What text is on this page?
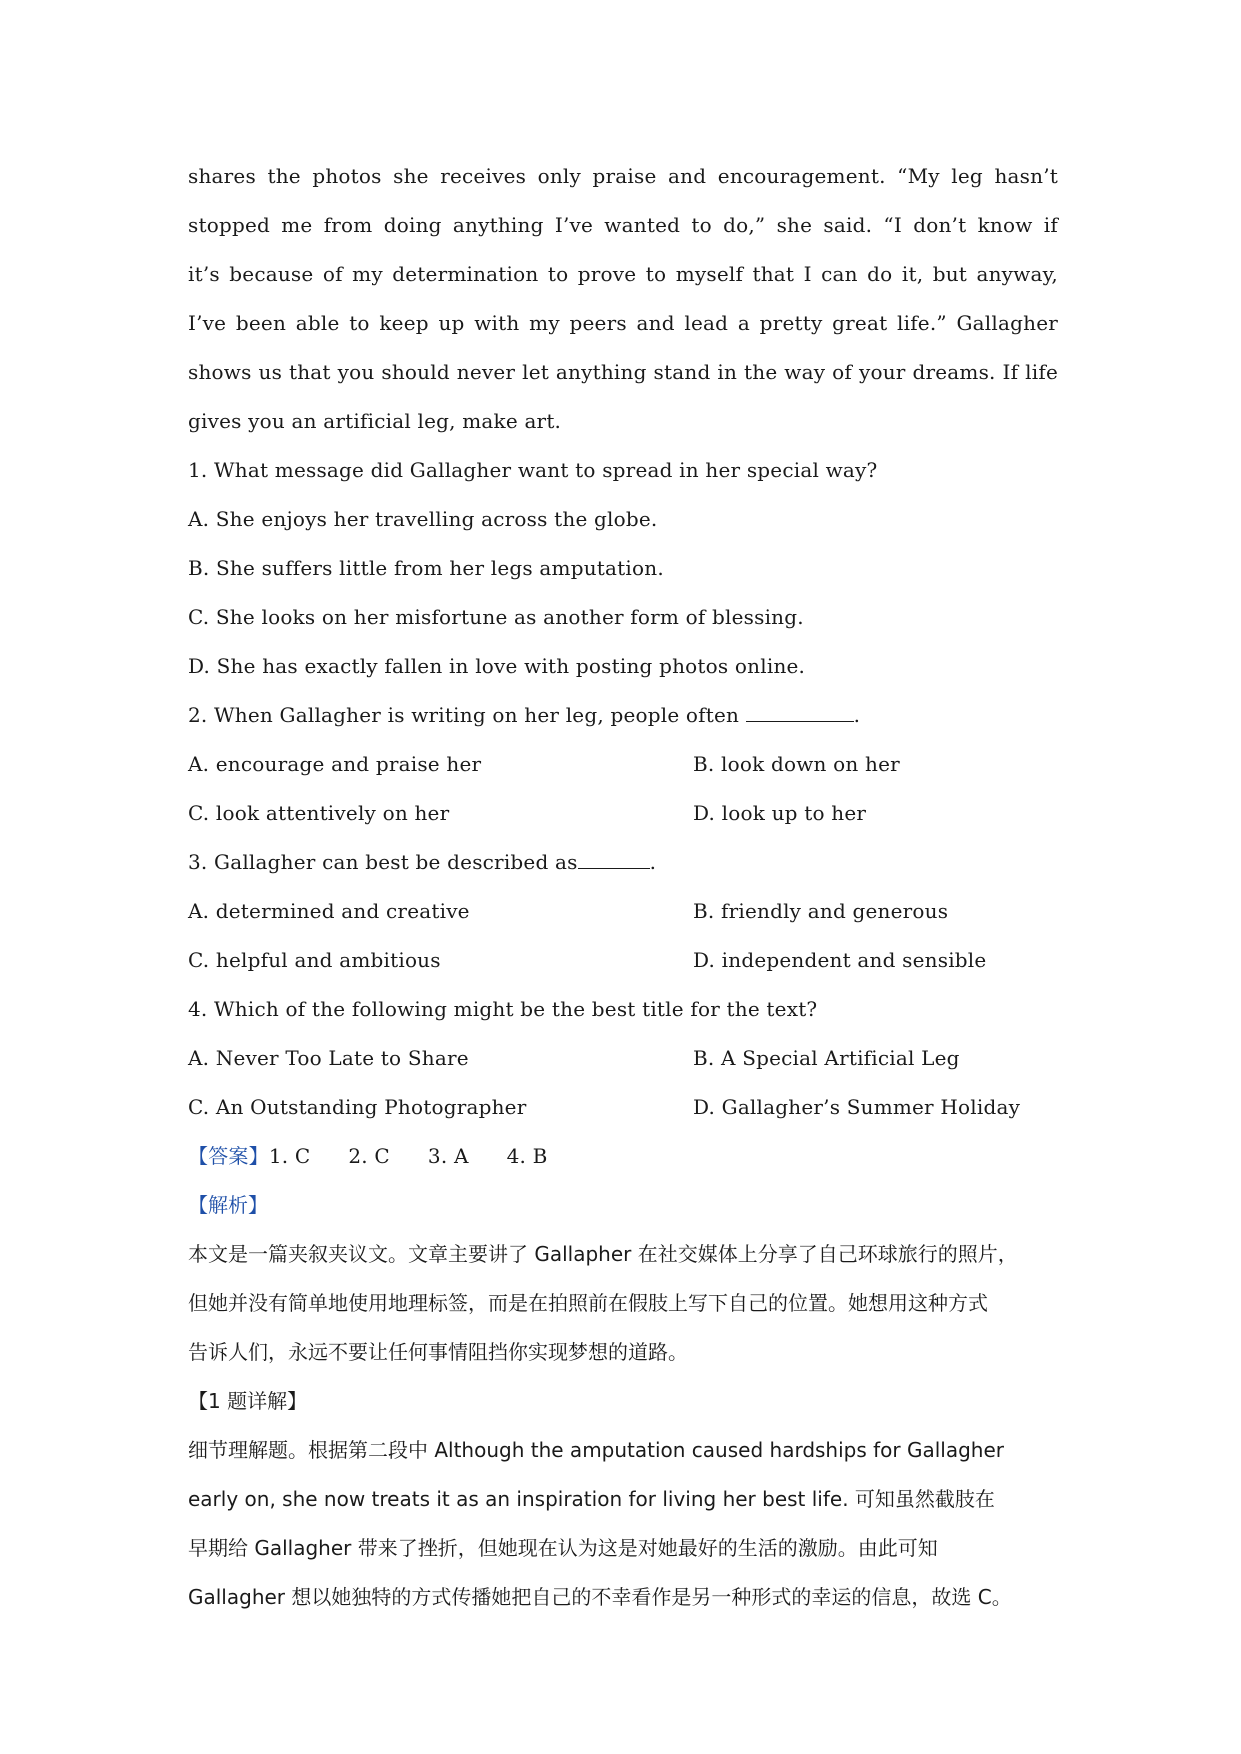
shares the photos she receives only praise and encouragement. “My leg hasn’t
stopped me from doing anything I’ve wanted to do,” she said. “I don’t know if
it’s because of my determination to prove to myself that I can do it, but anyway,
I’ve been able to keep up with my peers and lead a pretty great life.” Gallagher
shows us that you should never let anything stand in the way of your dreams. If life
gives you an artificial leg, make art.
1. What message did Gallagher want to spread in her special way?
A. She enjoys her travelling across the globe.
B. She suffers little from her legs amputation.
C. She looks on her misfortune as another form of blessing.
D. She has exactly fallen in love with posting photos online.
2. When Gallagher is writing on her leg, people often	.
A. encourage and praise her	B. look down on her
C. look attentively on her	D. look up to her
3. Gallagher can best be described as	.
A. determined and creative	B. friendly and generous
C. helpful and ambitious	D. independent and sensible
4. Which of the following might be the best title for the text?
A. Never Too Late to Share	B. A Special Artificial Leg
C. An Outstanding Photographer	D. Gallagher’s Summer Holiday
【答案】1. C 2. C 3. A 4. B
【解析】
本文是一篇夹叙夹议文。文章主要讲了 Gallapher 在社交媒体上分享了自己环球旅行的照片，
但她并没有简单地使用地理标签，而是在拍照前在假肢上写下自己的位置。她想用这种方式
告诉人们，永远不要让任何事情阻挡你实现梦想的道路。
【1 题详解】
细节理解题。根据第二段中 Although the amputation caused hardships for Gallagher
early on, she now treats it as an inspiration for living her best life. 可知虽然截肢在
早期给 Gallagher 带来了挫折，但她现在认为这是对她最好的生活的激励。由此可知
Gallagher 想以她独特的方式传播她把自己的不幸看作是另一种形式的幸运的信息，故选 C。
